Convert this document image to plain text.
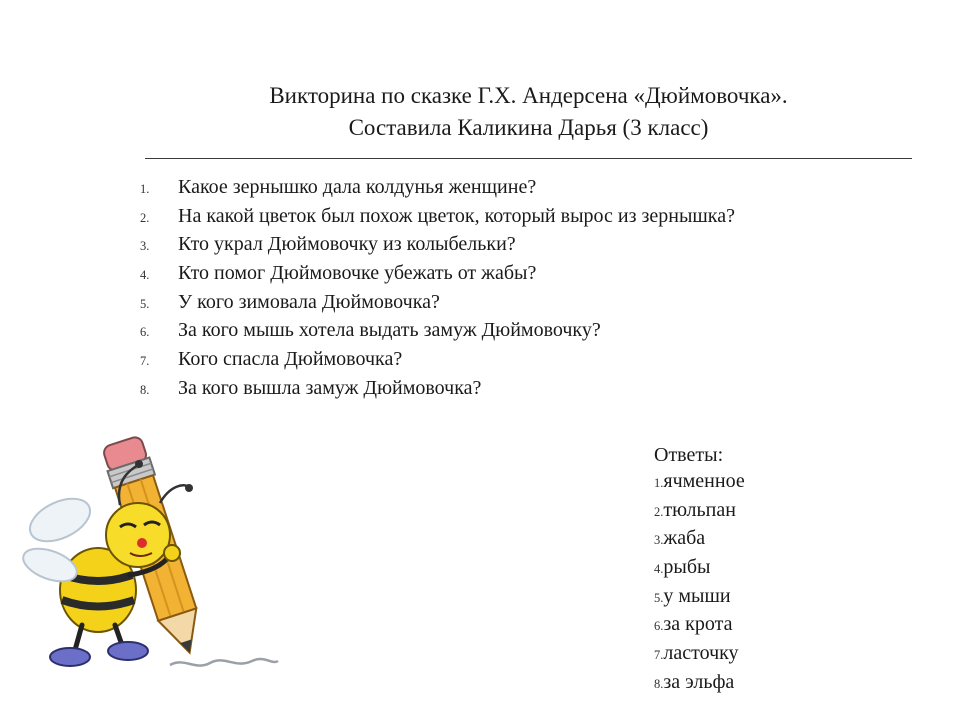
Викторина по сказке Г.Х. Андерсена «Дюймовочка».
Составила Каликина Дарья (3 класс)
1.	Какое зернышко дала колдунья женщине?
2.	На какой цветок был похож цветок, который вырос из зернышка?
3.	Кто украл Дюймовочку из колыбельки?
4.	Кто помог Дюймовочке убежать от жабы?
5.	У кого зимовала Дюймовочка?
6.	За кого мышь хотела выдать замуж Дюймовочку?
7.	Кого спасла Дюймовочка?
8.	За кого вышла замуж Дюймовочка?
Ответы:
1. ячменное
2. тюльпан
3. жаба
4. рыбы
5. у мыши
6. за крота
7. ласточку
8. за эльфа
